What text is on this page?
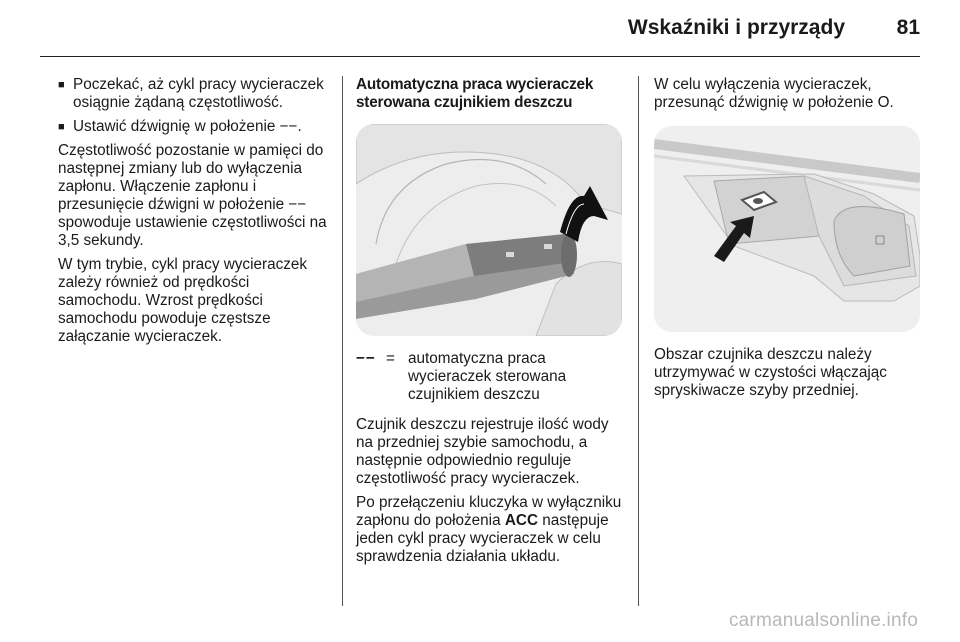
Wskaźniki i przyrządy 81
■ Poczekać, aż cykl pracy wycieraczek osiągnie żądaną częstotliwość.
■ Ustawić dźwignię w położenie −−.

Częstotliwość pozostanie w pamięci do następnej zmiany lub do wyłączenia zapłonu. Włączenie zapłonu i przesunięcie dźwigni w położenie −− spowoduje ustawienie częstotliwości na 3,5 sekundy.

W tym trybie, cykl pracy wycieraczek zależy również od prędkości samochodu. Wzrost prędkości samochodu powoduje częstsze załączanie wycieraczek.

Automatyczna praca wycieraczek sterowana czujnikiem deszczu
−− = automatyczna praca wycieraczek sterowana czujnikiem deszczu

Czujnik deszczu rejestruje ilość wody na przedniej szybie samochodu, a następnie odpowiednio reguluje częstotliwość pracy wycieraczek.

Po przełączeniu kluczyka w wyłączniku zapłonu do położenia ACC następuje jeden cykl pracy wycieraczek w celu sprawdzenia działania układu.

W celu wyłączenia wycieraczek, przesunąć dźwignię w położenie O.

Obszar czujnika deszczu należy utrzymywać w czystości włączając spryskiwacze szyby przedniej.

carmanualsonline.info
